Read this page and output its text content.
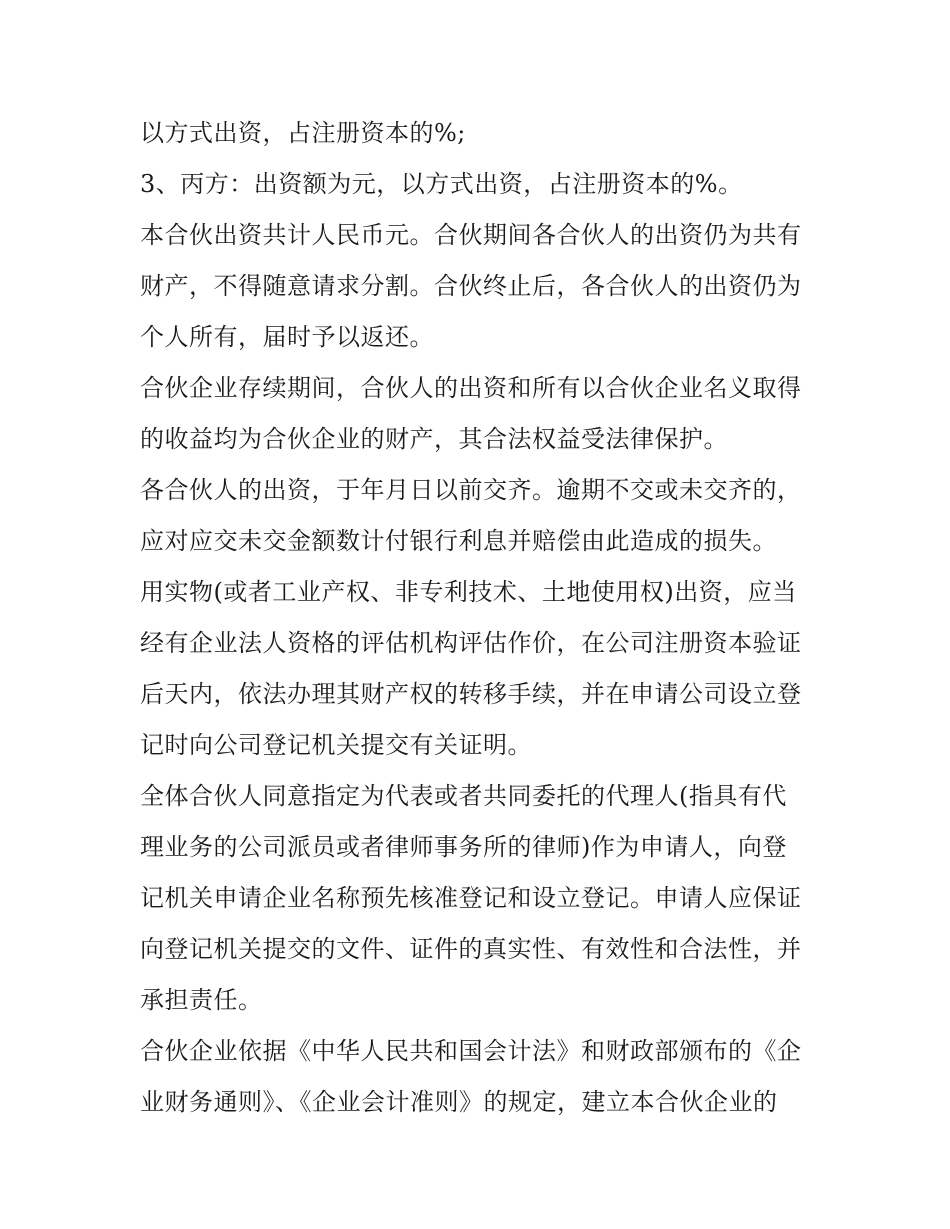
以方式出资，占注册资本的%;
3、丙方：出资额为元，以方式出资，占注册资本的%。
本合伙出资共计人民币元。合伙期间各合伙人的出资仍为共有
财产，不得随意请求分割。合伙终止后，各合伙人的出资仍为
个人所有，届时予以返还。
合伙企业存续期间，合伙人的出资和所有以合伙企业名义取得
的收益均为合伙企业的财产，其合法权益受法律保护。
各合伙人的出资，于年月日以前交齐。逾期不交或未交齐的，
应对应交未交金额数计付银行利息并赔偿由此造成的损失。
用实物(或者工业产权、非专利技术、土地使用权)出资，应当
经有企业法人资格的评估机构评估作价，在公司注册资本验证
后天内，依法办理其财产权的转移手续，并在申请公司设立登
记时向公司登记机关提交有关证明。
全体合伙人同意指定为代表或者共同委托的代理人(指具有代
理业务的公司派员或者律师事务所的律师)作为申请人，向登
记机关申请企业名称预先核准登记和设立登记。申请人应保证
向登记机关提交的文件、证件的真实性、有效性和合法性，并
承担责任。
合伙企业依据《中华人民共和国会计法》和财政部颁布的《企
业财务通则》、《企业会计准则》的规定，建立本合伙企业的
